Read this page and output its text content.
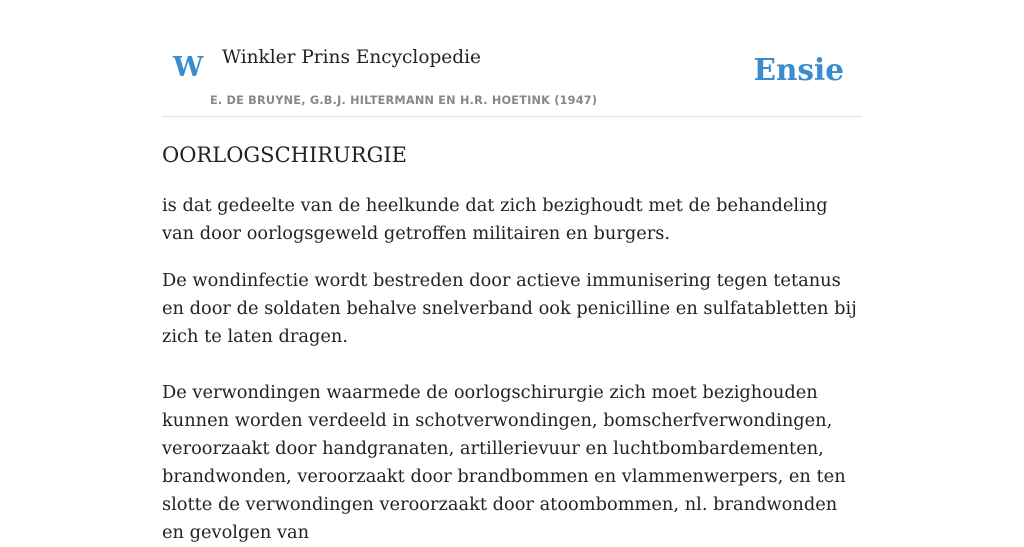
W Winkler Prins Encyclopedie
E. DE BRUYNE, G.B.J. HILTERMANN EN H.R. HOETINK (1947)
Ensie
OORLOGSCHIRURGIE

is dat gedeelte van de heelkunde dat zich bezighoudt met de behandeling van door oorlogsgeweld getroffen militairen en burgers.

De wondinfectie wordt bestreden door actieve immunisering tegen tetanus en door de soldaten behalve snelverband ook penicilline en sulfatabletten bij zich te laten dragen.

De verwondingen waarmede de oorlogschirurgie zich moet bezighouden kunnen worden verdeeld in schotverwondingen, bomscherfverwondingen, veroorzaakt door handgranaten, artillerievuur en luchtbombardementen, brandwonden, veroorzaakt door brandbommen en vlammenwerpers, en ten slotte de verwondingen veroorzaakt door atoombommen, nl. brandwonden en gevolgen van
